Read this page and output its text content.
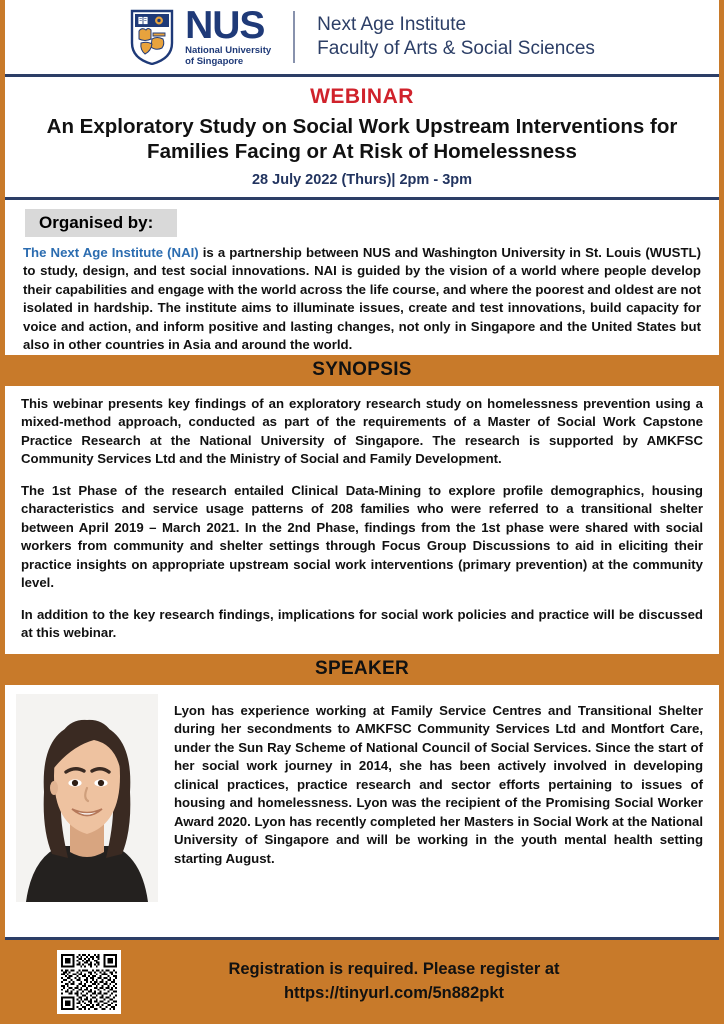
NUS
National University
of Singapore
Next Age Institute
Faculty of Arts & Social Sciences
WEBINAR
An Exploratory Study on Social Work Upstream Interventions for Families Facing or At Risk of Homelessness
28 July 2022 (Thurs)| 2pm - 3pm
Organised by:
The Next Age Institute (NAI) is a partnership between NUS and Washington University in St. Louis (WUSTL) to study, design, and test social innovations. NAI is guided by the vision of a world where people develop their capabilities and engage with the world across the life course, and where the poorest and oldest are not isolated in hardship. The institute aims to illuminate issues, create and test innovations, build capacity for voice and action, and inform positive and lasting changes, not only in Singapore and the United States but also in other countries in Asia and around the world.
SYNOPSIS
This webinar presents key findings of an exploratory research study on homelessness prevention using a mixed-method approach, conducted as part of the requirements of a Master of Social Work Capstone Practice Research at the National University of Singapore. The research is supported by AMKFSC Community Services Ltd and the Ministry of Social and Family Development.
The 1st Phase of the research entailed Clinical Data-Mining to explore profile demographics, housing characteristics and service usage patterns of 208 families who were referred to a transitional shelter between April 2019 – March 2021. In the 2nd Phase, findings from the 1st phase were shared with social workers from community and shelter settings through Focus Group Discussions to aid in eliciting their practice insights on appropriate upstream social work interventions (primary prevention) at the community level.
In addition to the key research findings, implications for social work policies and practice will be discussed at this webinar.
SPEAKER
Lyon has experience working at Family Service Centres and Transitional Shelter during her secondments to AMKFSC Community Services Ltd and Montfort Care, under the Sun Ray Scheme of National Council of Social Services. Since the start of her social work journey in 2014, she has been actively involved in developing clinical practices, practice research and sector efforts pertaining to issues of housing and homelessness. Lyon was the recipient of the Promising Social Worker Award 2020. Lyon has recently completed her Masters in Social Work at the National University of Singapore and will be working in the youth mental health setting starting August.
Registration is required. Please register at
https://tinyurl.com/5n882pkt
